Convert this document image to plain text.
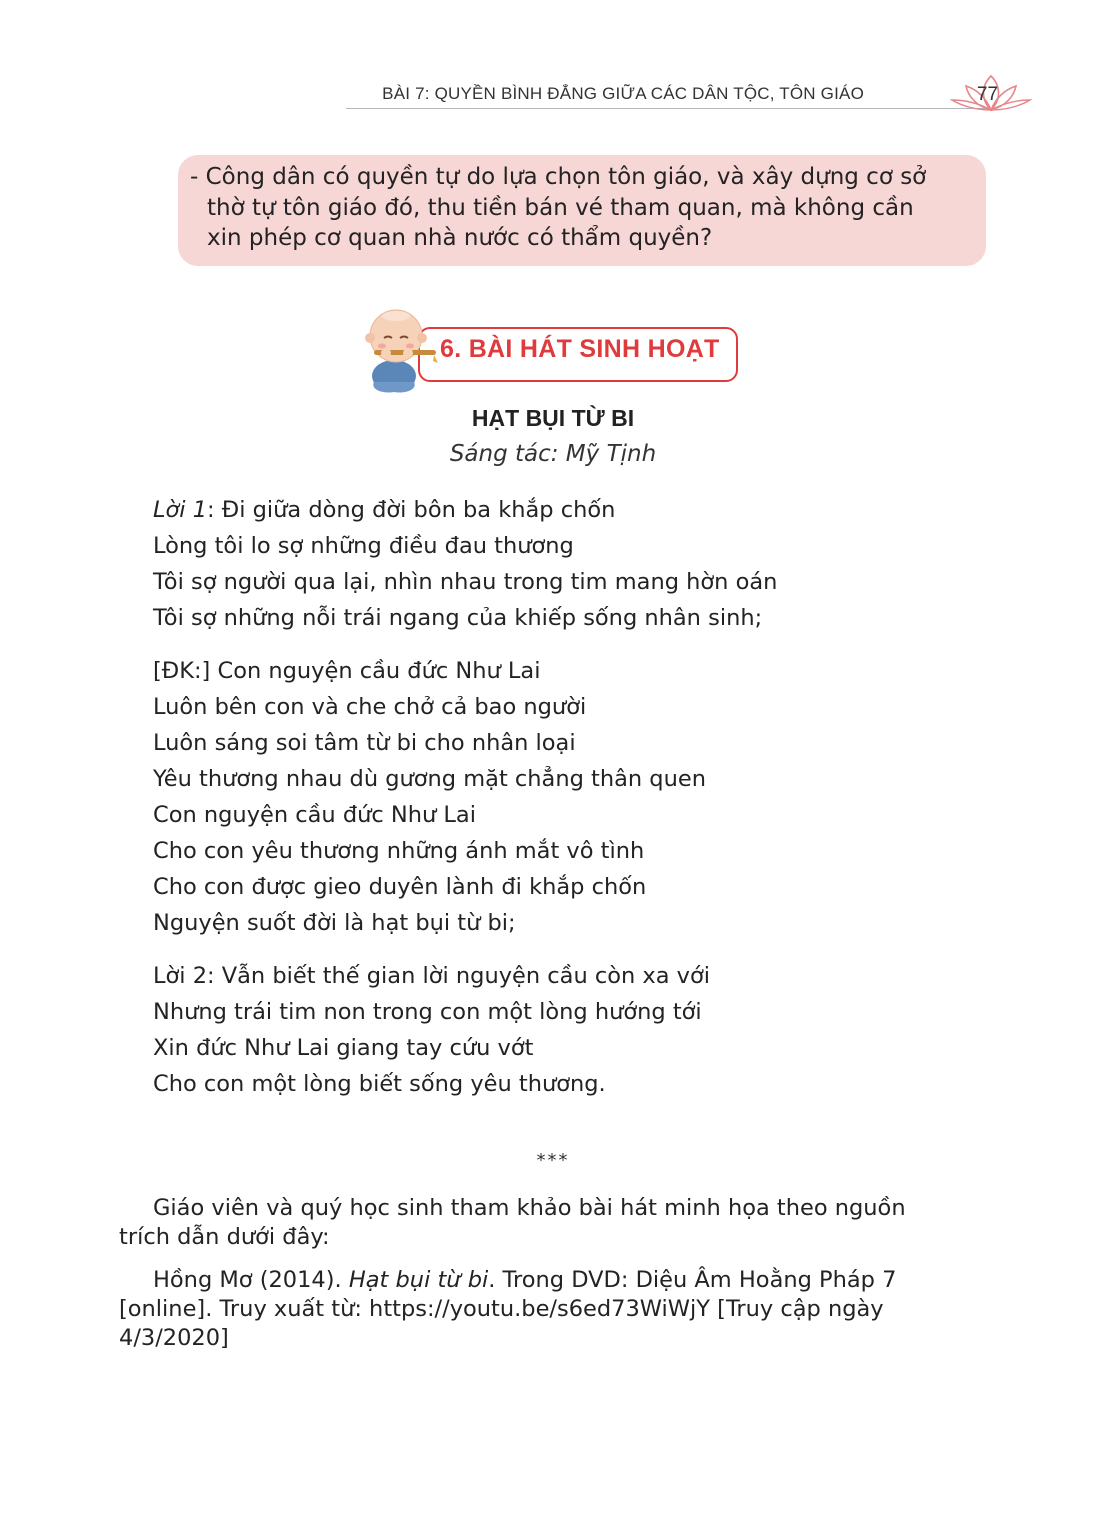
BÀI 7: QUYỀN BÌNH ĐẲNG GIỮA CÁC DÂN TỘC, TÔN GIÁO	77
- Công dân có quyền tự do lựa chọn tôn giáo, và xây dựng cơ sở
thờ tự tôn giáo đó, thu tiền bán vé tham quan, mà không cần
xin phép cơ quan nhà nước có thẩm quyền?
6. BÀI HÁT SINH HOẠT
HẠT BỤI TỪ BI
Sáng tác: Mỹ Tịnh
Lời 1: Đi giữa dòng đời bôn ba khắp chốn
Lòng tôi lo sợ những điều đau thương
Tôi sợ người qua lại, nhìn nhau trong tim mang hờn oán
Tôi sợ những nỗi trái ngang của khiếp sống nhân sinh;
[ĐK:] Con nguyện cầu đức Như Lai
Luôn bên con và che chở cả bao người
Luôn sáng soi tâm từ bi cho nhân loại
Yêu thương nhau dù gương mặt chẳng thân quen
Con nguyện cầu đức Như Lai
Cho con yêu thương những ánh mắt vô tình
Cho con được gieo duyên lành đi khắp chốn
Nguyện suốt đời là hạt bụi từ bi;
Lời 2: Vẫn biết thế gian lời nguyện cầu còn xa với
Nhưng trái tim non trong con một lòng hướng tới
Xin đức Như Lai giang tay cứu vớt
Cho con một lòng biết sống yêu thương.
***
Giáo viên và quý học sinh tham khảo bài hát minh họa theo nguồn
trích dẫn dưới đây:
Hồng Mơ (2014). Hạt bụi từ bi. Trong DVD: Diệu Âm Hoằng Pháp 7
[online]. Truy xuất từ: https://youtu.be/s6ed73WiWjY [Truy cập ngày
4/3/2020]
